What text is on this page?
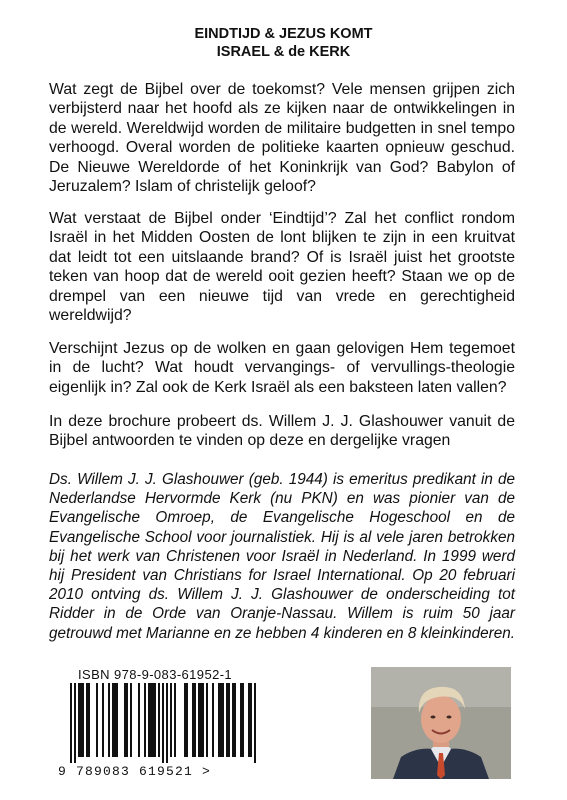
EINDTIJD & JEZUS KOMT
ISRAEL & de KERK
Wat zegt de Bijbel over de toekomst? Vele mensen grijpen zich verbijsterd naar het hoofd als ze kijken naar de ontwikkelingen in de wereld. Wereldwijd worden de militaire budgetten in snel tempo verhoogd. Overal worden de politieke kaarten opnieuw geschud. De Nieuwe Wereldorde of het Koninkrijk van God? Babylon of Jeruzalem? Islam of christelijk geloof?
Wat verstaat de Bijbel onder ‘Eindtijd’? Zal het conflict rondom Israël in het Midden Oosten de lont blijken te zijn in een kruitvat dat leidt tot een uitslaande brand? Of is Israël juist het grootste teken van hoop dat de wereld ooit gezien heeft? Staan we op de drempel van een nieuwe tijd van vrede en gerechtigheid wereldwijd?
Verschijnt Jezus op de wolken en gaan gelovigen Hem tegemoet in de lucht? Wat houdt vervangings- of vervullings-theologie eigenlijk in? Zal ook de Kerk Israël als een baksteen laten vallen?
In deze brochure probeert ds. Willem J. J. Glashouwer vanuit de Bijbel antwoorden te vinden op deze en dergelijke vragen
Ds. Willem J. J. Glashouwer (geb. 1944) is emeritus predikant in de Nederlandse Hervormde Kerk (nu PKN) en was pionier van de Evangelische Omroep, de Evangelische Hogeschool en de Evangelische School voor journalistiek. Hij is al vele jaren betrokken bij het werk van Christenen voor Israël in Nederland. In 1999 werd hij President van Christians for Israel International. Op 20 februari 2010 ontving ds. Willem J. J. Glashouwer de onderscheiding tot Ridder in de Orde van Oranje-Nassau. Willem is ruim 50 jaar getrouwd met Marianne en ze hebben 4 kinderen en 8 kleinkinderen.
ISBN 978-9-083-61952-1
9 789083 619521 >
